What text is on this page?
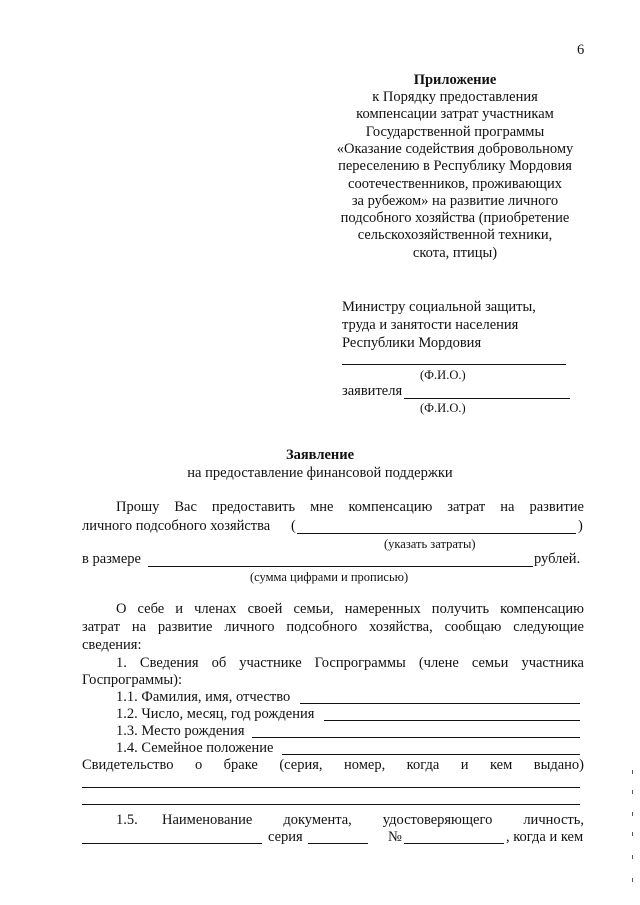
6
Приложение
к Порядку предоставления
компенсации затрат участникам
Государственной программы
«Оказание содействия добровольному
переселению в Республику Мордовия
соотечественников, проживающих
за рубежом» на развитие личного
подсобного хозяйства (приобретение
сельскохозяйственной техники,
скота, птицы)
Министру социальной защиты,
труда и занятости населения
Республики Мордовия
(Ф.И.О.)
заявителя
(Ф.И.О.)
Заявление
на предоставление финансовой поддержки
Прошу Вас предоставить мне компенсацию затрат на развитие
личного подсобного хозяйства (	)
(указать затраты)
в размере	рублей.
(сумма цифрами и прописью)
О себе и членах своей семьи, намеренных получить компенсацию
затрат на развитие личного подсобного хозяйства, сообщаю следующие
сведения:
1. Сведения об участнике Госпрограммы (члене семьи участника
Госпрограммы):
1.1. Фамилия, имя, отчество
1.2. Число, месяц, год рождения
1.3. Место рождения
1.4. Семейное положение
Свидетельство о браке (серия, номер, когда и кем выдано)
1.5. Наименование документа, удостоверяющего личность,
серия	№	, когда и кем
